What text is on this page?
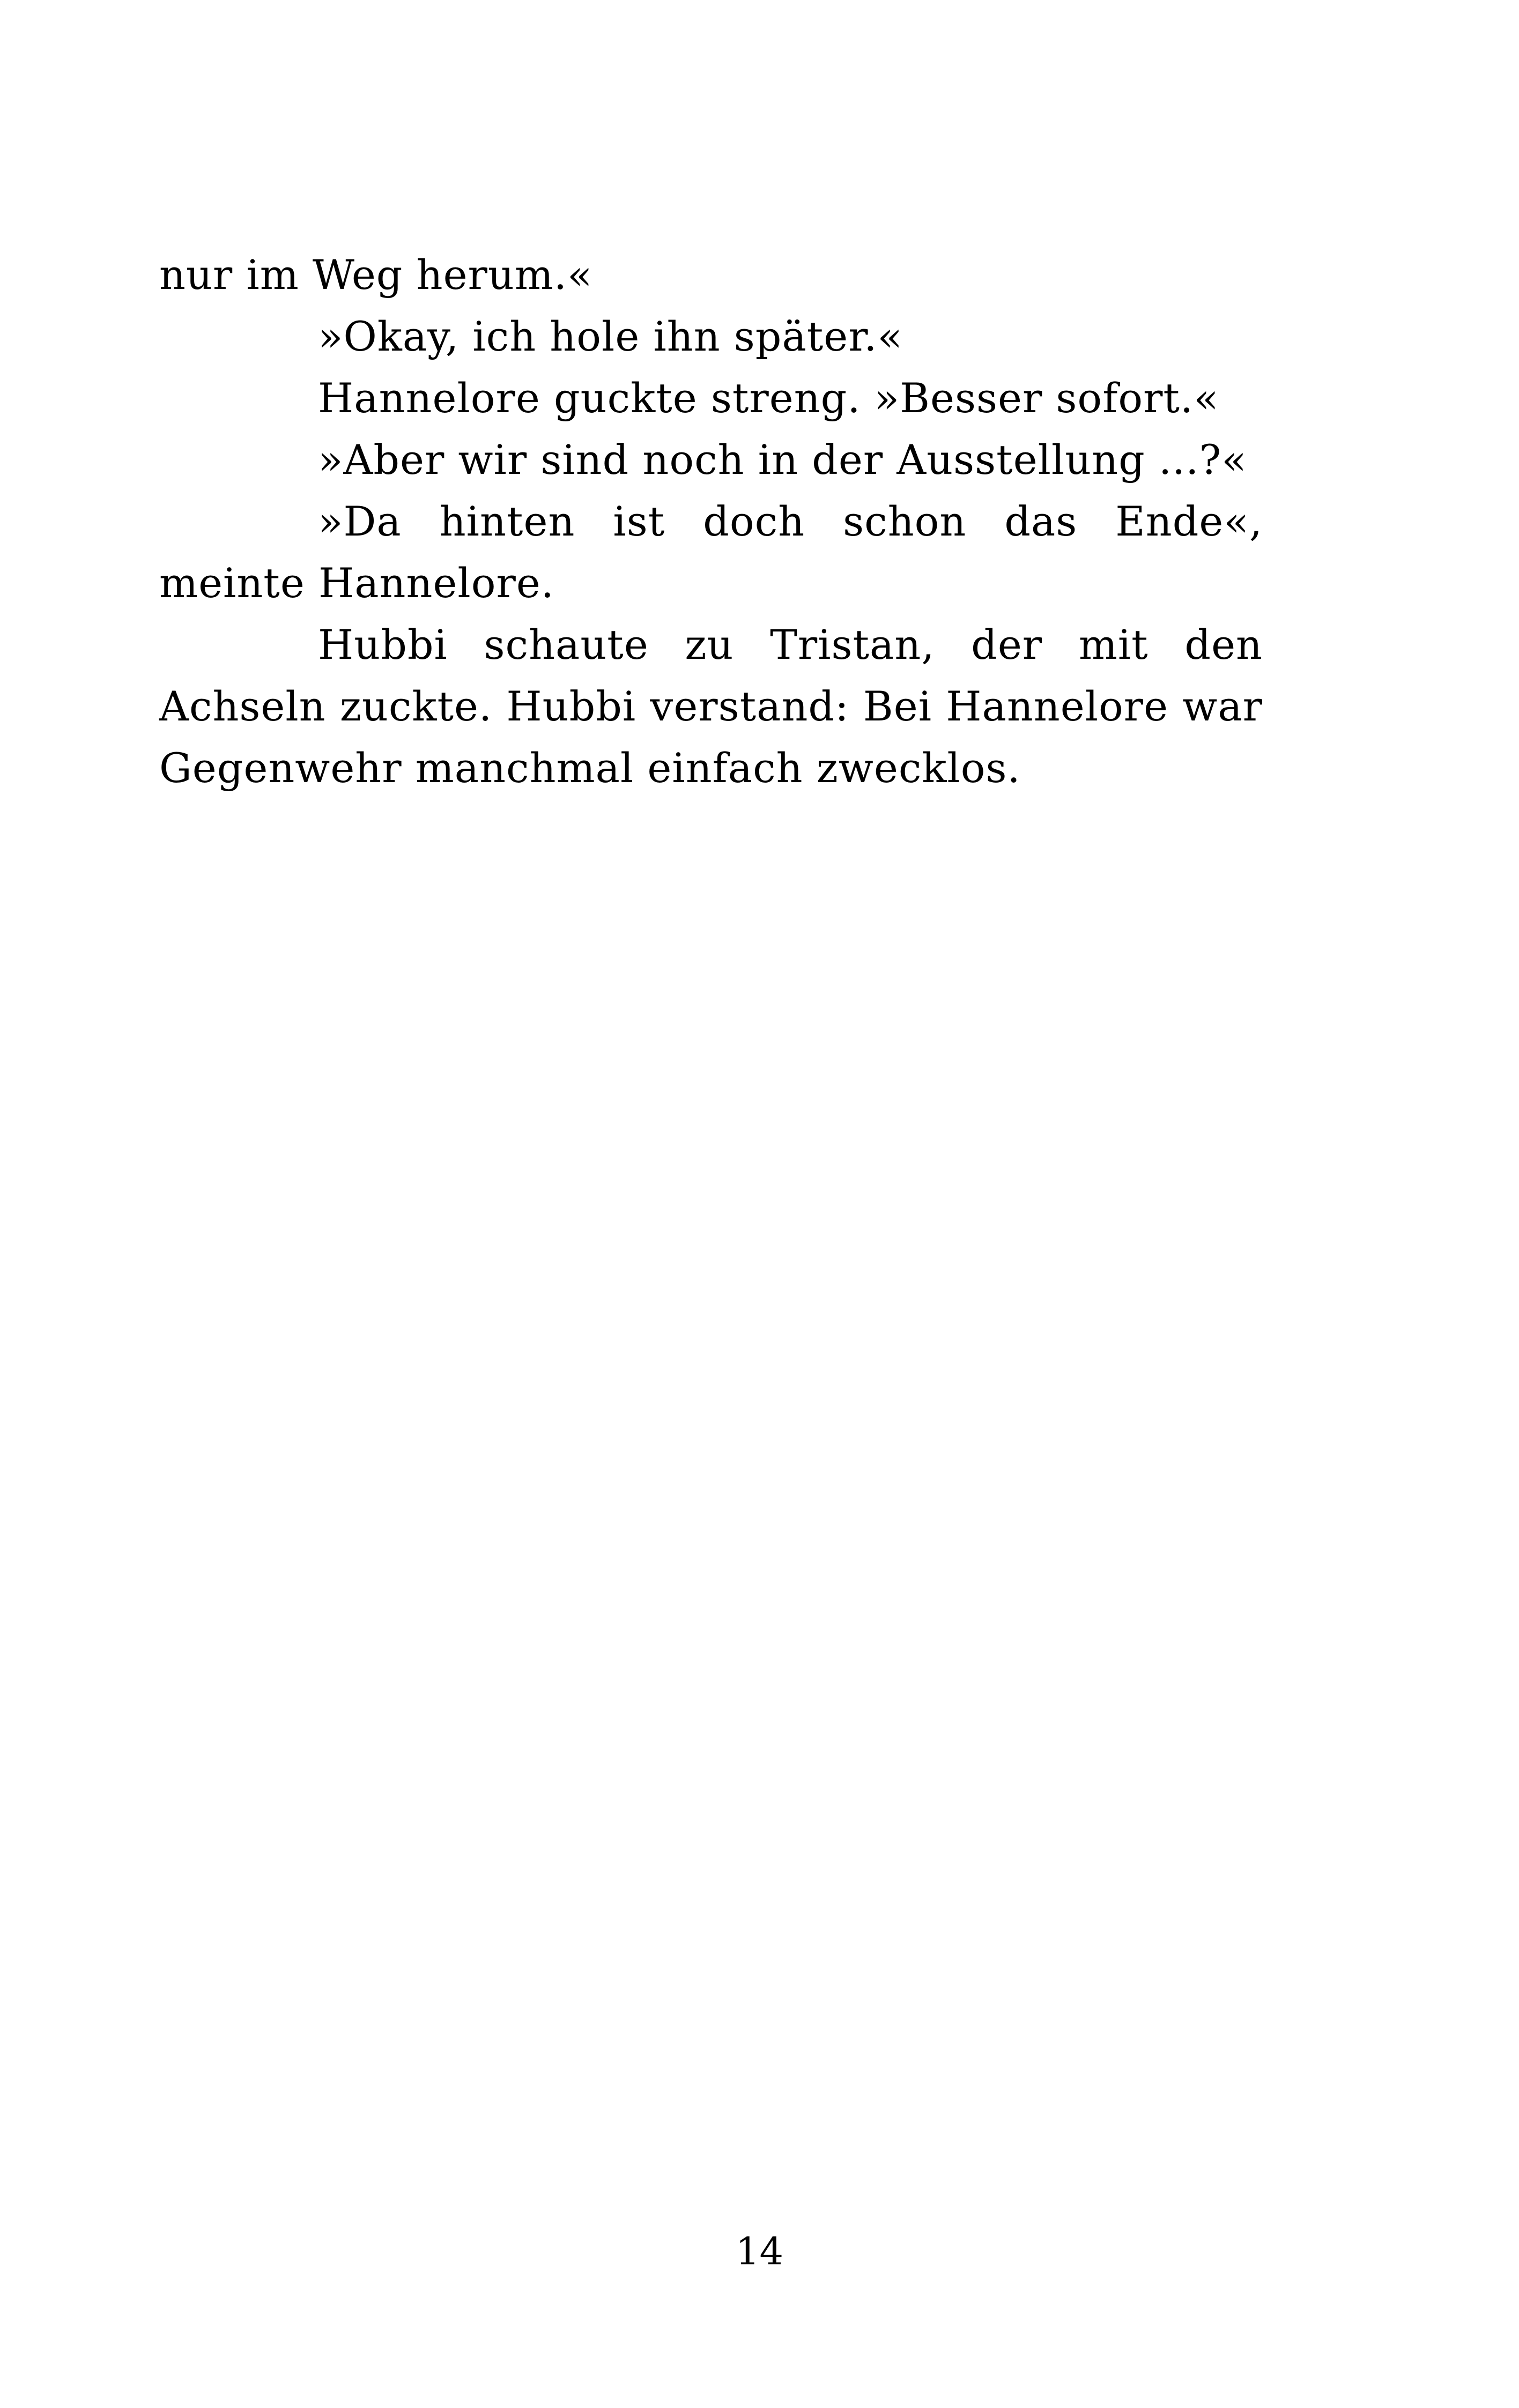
nur im Weg herum.«

»Okay, ich hole ihn später.«

Hannelore guckte streng. »Besser sofort.«

»Aber wir sind noch in der Ausstellung ...?«

»Da hinten ist doch schon das Ende«, meinte Hannelore.

Hubbi schaute zu Tristan, der mit den Achseln zuckte. Hubbi verstand: Bei Hannelore war Gegenwehr manchmal einfach zwecklos.

14
